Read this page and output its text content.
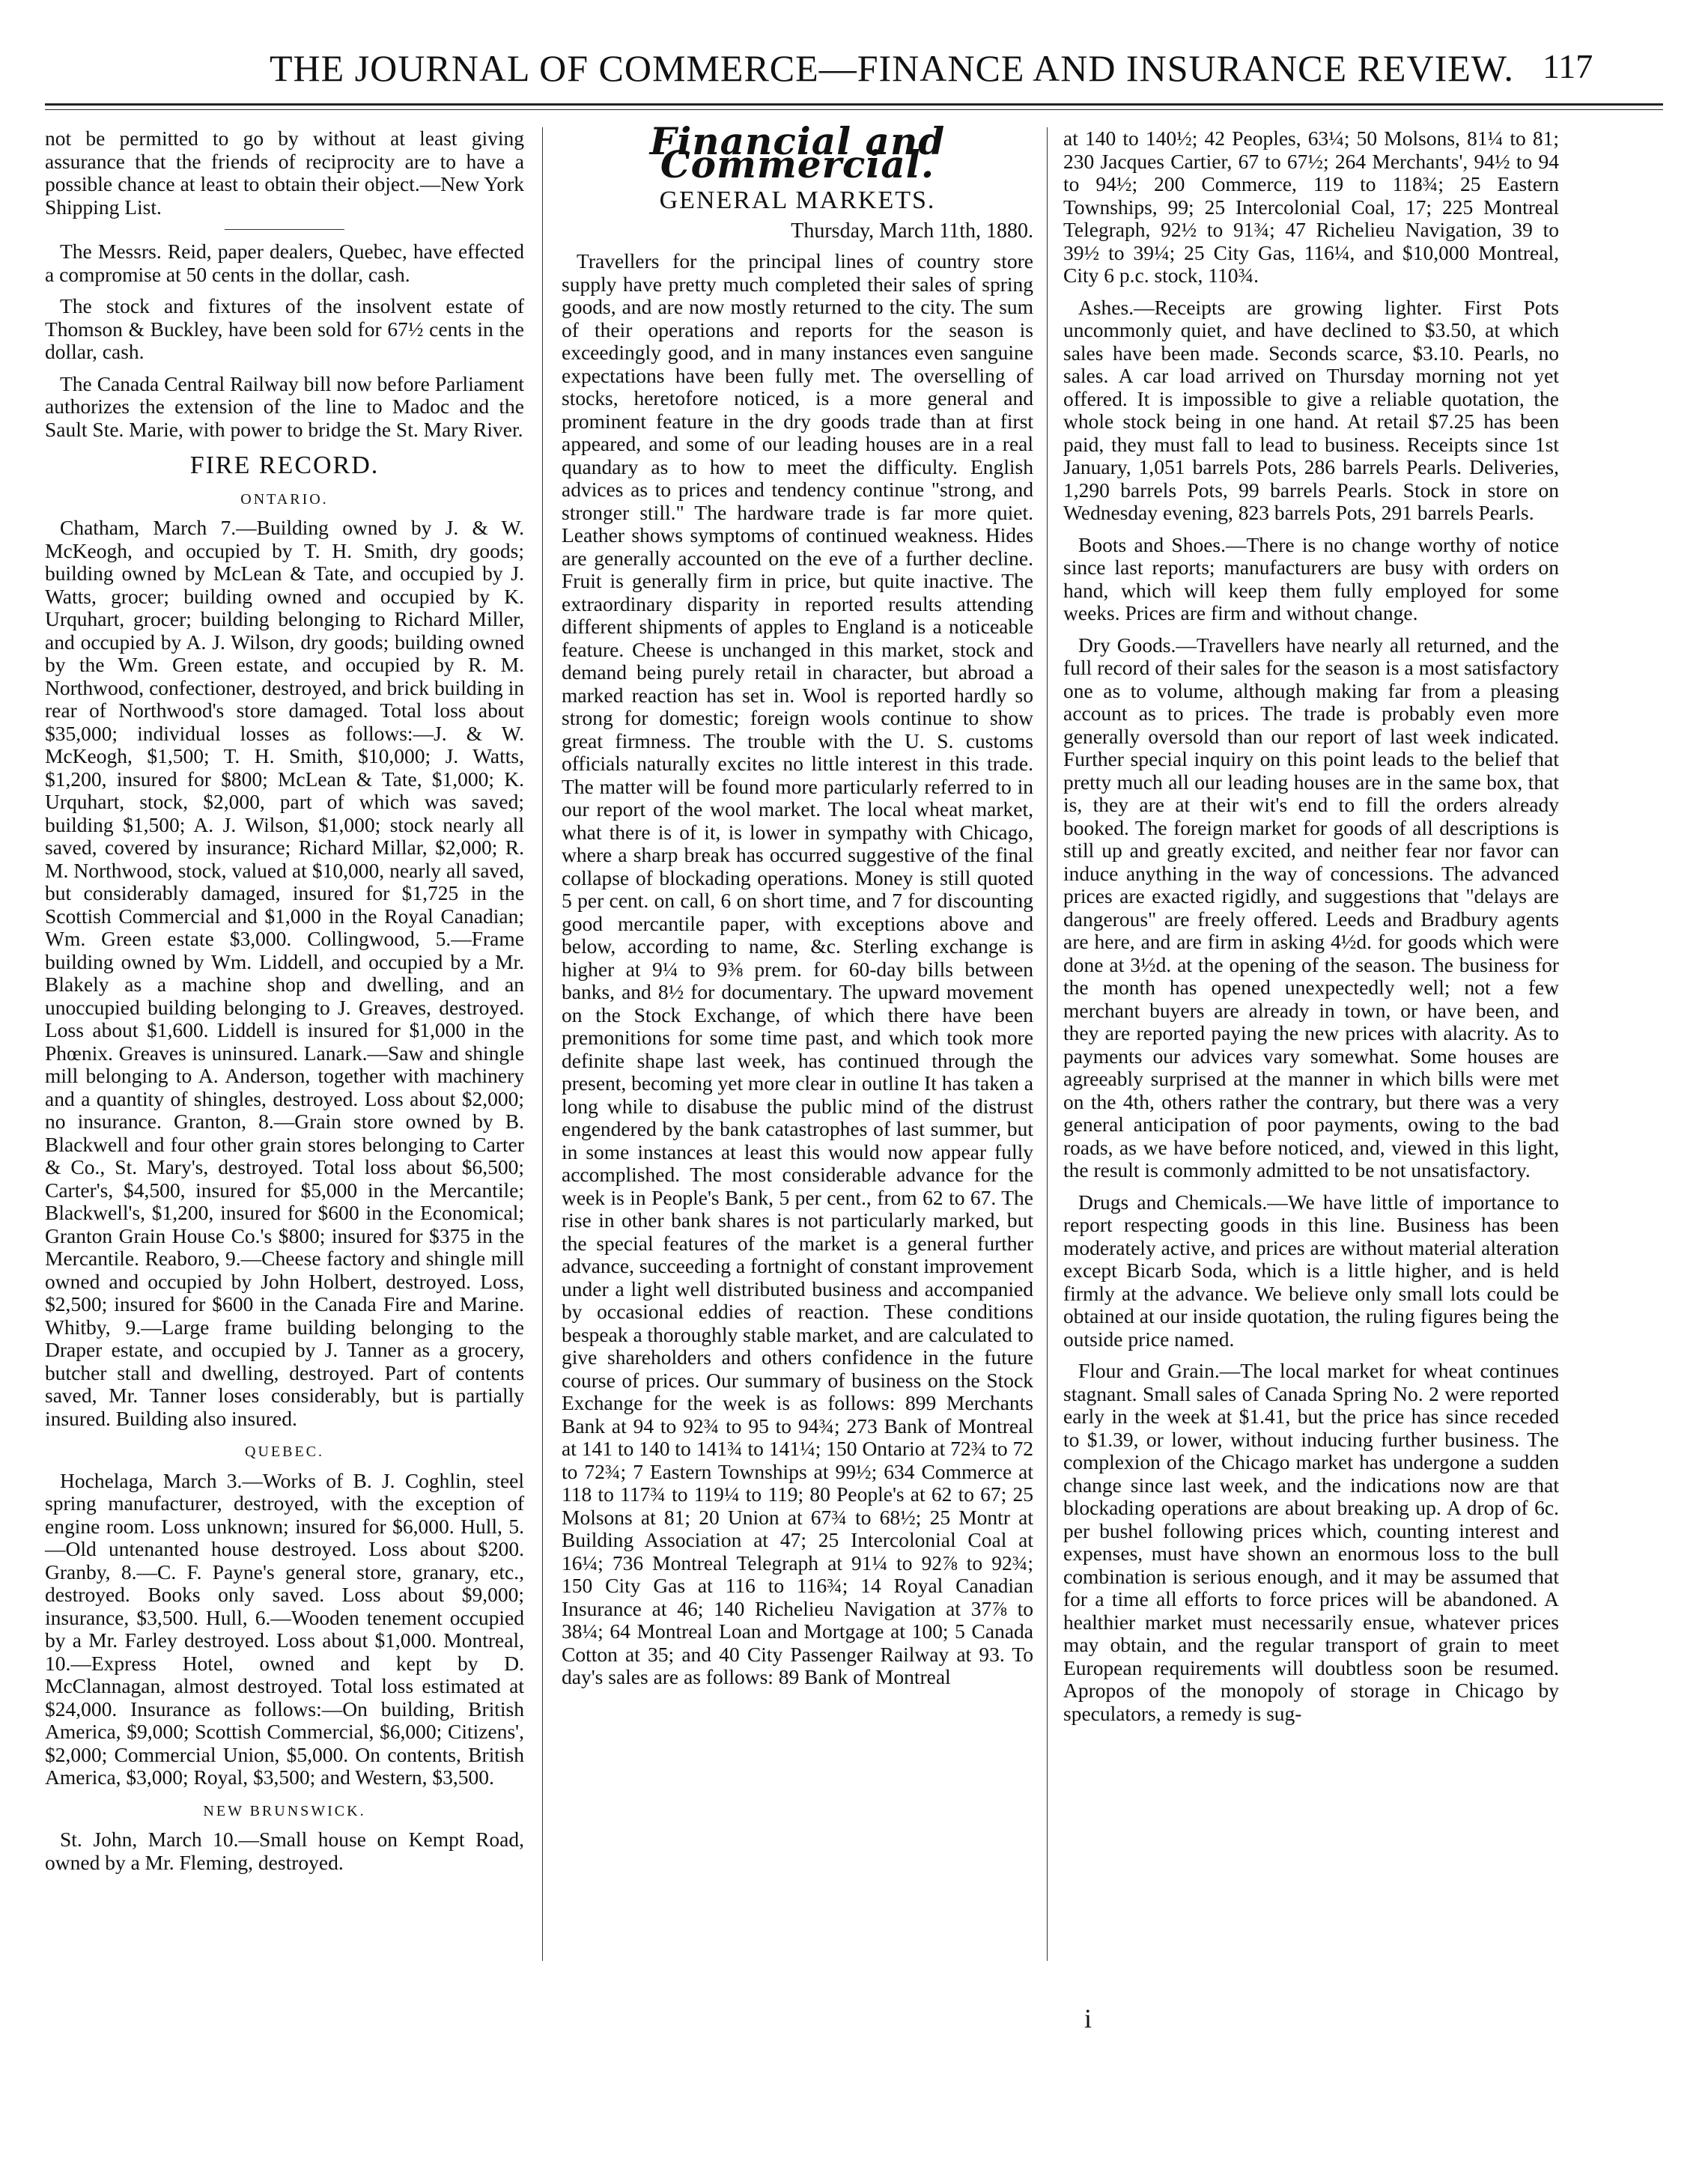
THE JOURNAL OF COMMERCE—FINANCE AND INSURANCE REVIEW. 117

not be permitted to go by without at least giving assurance that the friends of reciprocity are to have a possible chance at least to obtain their object.—New York Shipping List.

The Messrs. Reid, paper dealers, Quebec, have effected a compromise at 50 cents in the dollar, cash.

The stock and fixtures of the insolvent estate of Thomson & Buckley, have been sold for 67½ cents in the dollar, cash.

The Canada Central Railway bill now before Parliament authorizes the extension of the line to Madoc and the Sault Ste. Marie, with power to bridge the St. Mary River.

FIRE RECORD.
ONTARIO.

Chatham, March 7.—Building owned by J. & W. McKeogh, and occupied by T. H. Smith, dry goods; building owned by McLean & Tate, and occupied by J. Watts, grocer; building owned and occupied by K. Urquhart, grocer; building belonging to Richard Miller, and occupied by A. J. Wilson, dry goods; building owned by the Wm. Green estate, and occupied by R. M. Northwood, confectioner, destroyed, and brick building in rear of Northwood's store damaged. Total loss about $35,000; individual losses as follows:—J. & W. McKeogh, $1,500; T. H. Smith, $10,000; J. Watts, $1,200, insured for $800; McLean & Tate, $1,000; K. Urquhart, stock, $2,000, part of which was saved; building $1,500; A. J. Wilson, $1,000; stock nearly all saved, covered by insurance; Richard Millar, $2,000; R. M. Northwood, stock, valued at $10,000, nearly all saved, but considerably damaged, insured for $1,725 in the Scottish Commercial and $1,000 in the Royal Canadian; Wm. Green estate $3,000. Collingwood, 5.—Frame building owned by Wm. Liddell, and occupied by a Mr. Blakely as a machine shop and dwelling, and an unoccupied building belonging to J. Greaves, destroyed. Loss about $1,600. Liddell is insured for $1,000 in the Phœnix. Greaves is uninsured. Lanark.—Saw and shingle mill belonging to A. Anderson, together with machinery and a quantity of shingles, destroyed. Loss about $2,000; no insurance. Granton, 8.—Grain store owned by B. Blackwell and four other grain stores belonging to Carter & Co., St. Mary's, destroyed. Total loss about $6,500; Carter's, $4,500, insured for $5,000 in the Mercantile; Blackwell's, $1,200, insured for $600 in the Economical; Granton Grain House Co.'s $800; insured for $375 in the Mercantile. Reaboro, 9.—Cheese factory and shingle mill owned and occupied by John Holbert, destroyed. Loss, $2,500; insured for $600 in the Canada Fire and Marine. Whitby, 9.—Large frame building belonging to the Draper estate, and occupied by J. Tanner as a grocery, butcher stall and dwelling, destroyed. Part of contents saved, Mr. Tanner loses considerably, but is partially insured. Building also insured.

QUEBEC.

Hochelaga, March 3.—Works of B. J. Coghlin, steel spring manufacturer, destroyed, with the exception of engine room. Loss unknown; insured for $6,000. Hull, 5.—Old untenanted house destroyed. Loss about $200. Granby, 8.—C. F. Payne's general store, granary, etc., destroyed. Books only saved. Loss about $9,000; insurance, $3,500. Hull, 6.—Wooden tenement occupied by a Mr. Farley destroyed. Loss about $1,000. Montreal, 10.—Express Hotel, owned and kept by D. McClannagan, almost destroyed. Total loss estimated at $24,000. Insurance as follows:—On building, British America, $9,000; Scottish Commercial, $6,000; Citizens', $2,000; Commercial Union, $5,000. On contents, British America, $3,000; Royal, $3,500; and Western, $3,500.

NEW BRUNSWICK.

St. John, March 10.—Small house on Kempt Road, owned by a Mr. Fleming, destroyed.

Financial and Commercial.
GENERAL MARKETS.
Thursday, March 11th, 1880.

Travellers for the principal lines of country store supply have pretty much completed their sales of spring goods, and are now mostly returned to the city. The sum of their operations and reports for the season is exceedingly good, and in many instances even sanguine expectations have been fully met. The overselling of stocks, heretofore noticed, is a more general and prominent feature in the dry goods trade than at first appeared, and some of our leading houses are in a real quandary as to how to meet the difficulty. English advices as to prices and tendency continue "strong, and stronger still." The hardware trade is far more quiet. Leather shows symptoms of continued weakness. Hides are generally accounted on the eve of a further decline. Fruit is generally firm in price, but quite inactive. The extraordinary disparity in reported results attending different shipments of apples to England is a noticeable feature. Cheese is unchanged in this market, stock and demand being purely retail in character, but abroad a marked reaction has set in. Wool is reported hardly so strong for domestic; foreign wools continue to show great firmness. The trouble with the U. S. customs officials naturally excites no little interest in this trade. The matter will be found more particularly referred to in our report of the wool market. The local wheat market, what there is of it, is lower in sympathy with Chicago, where a sharp break has occurred suggestive of the final collapse of blockading operations. Money is still quoted 5 per cent. on call, 6 on short time, and 7 for discounting good mercantile paper, with exceptions above and below, according to name, &c. Sterling exchange is higher at 9¼ to 9⅜ prem. for 60-day bills between banks, and 8½ for documentary. The upward movement on the Stock Exchange, of which there have been premonitions for some time past, and which took more definite shape last week, has continued through the present, becoming yet more clear in outline It has taken a long while to disabuse the public mind of the distrust engendered by the bank catastrophes of last summer, but in some instances at least this would now appear fully accomplished. The most considerable advance for the week is in People's Bank, 5 per cent., from 62 to 67. The rise in other bank shares is not particularly marked, but the special features of the market is a general further advance, succeeding a fortnight of constant improvement under a light well distributed business and accompanied by occasional eddies of reaction. These conditions bespeak a thoroughly stable market, and are calculated to give shareholders and others confidence in the future course of prices. Our summary of business on the Stock Exchange for the week is as follows: 899 Merchants Bank at 94 to 92¾ to 95 to 94¾; 273 Bank of Montreal at 141 to 140 to 141¾ to 141¼; 150 Ontario at 72¾ to 72 to 72¾; 7 Eastern Townships at 99½; 634 Commerce at 118 to 117¾ to 119¼ to 119; 80 People's at 62 to 67; 25 Molsons at 81; 20 Union at 67¾ to 68½; 25 Montr at Building Association at 47; 25 Intercolonial Coal at 16¼; 736 Montreal Telegraph at 91¼ to 92⅞ to 92¾; 150 City Gas at 116 to 116¾; 14 Royal Canadian Insurance at 46; 140 Richelieu Navigation at 37⅞ to 38¼; 64 Montreal Loan and Mortgage at 100; 5 Canada Cotton at 35; and 40 City Passenger Railway at 93. To day's sales are as follows: 89 Bank of Montreal

at 140 to 140½; 42 Peoples, 63¼; 50 Molsons, 81¼ to 81; 230 Jacques Cartier, 67 to 67½; 264 Merchants', 94½ to 94 to 94½; 200 Commerce, 119 to 118¾; 25 Eastern Townships, 99; 25 Intercolonial Coal, 17; 225 Montreal Telegraph, 92½ to 91¾; 47 Richelieu Navigation, 39 to 39½ to 39¼; 25 City Gas, 116¼, and $10,000 Montreal, City 6 p.c. stock, 110¾.

Ashes.—Receipts are growing lighter. First Pots uncommonly quiet, and have declined to $3.50, at which sales have been made. Seconds scarce, $3.10. Pearls, no sales. A car load arrived on Thursday morning not yet offered. It is impossible to give a reliable quotation, the whole stock being in one hand. At retail $7.25 has been paid, they must fall to lead to business. Receipts since 1st January, 1,051 barrels Pots, 286 barrels Pearls. Deliveries, 1,290 barrels Pots, 99 barrels Pearls. Stock in store on Wednesday evening, 823 barrels Pots, 291 barrels Pearls.

Boots and Shoes.—There is no change worthy of notice since last reports; manufacturers are busy with orders on hand, which will keep them fully employed for some weeks. Prices are firm and without change.

Dry Goods.—Travellers have nearly all returned, and the full record of their sales for the season is a most satisfactory one as to volume, although making far from a pleasing account as to prices. The trade is probably even more generally oversold than our report of last week indicated. Further special inquiry on this point leads to the belief that pretty much all our leading houses are in the same box, that is, they are at their wit's end to fill the orders already booked. The foreign market for goods of all descriptions is still up and greatly excited, and neither fear nor favor can induce anything in the way of concessions. The advanced prices are exacted rigidly, and suggestions that "delays are dangerous" are freely offered. Leeds and Bradbury agents are here, and are firm in asking 4½d. for goods which were done at 3½d. at the opening of the season. The business for the month has opened unexpectedly well; not a few merchant buyers are already in town, or have been, and they are reported paying the new prices with alacrity. As to payments our advices vary somewhat. Some houses are agreeably surprised at the manner in which bills were met on the 4th, others rather the contrary, but there was a very general anticipation of poor payments, owing to the bad roads, as we have before noticed, and, viewed in this light, the result is commonly admitted to be not unsatisfactory.

Drugs and Chemicals.—We have little of importance to report respecting goods in this line. Business has been moderately active, and prices are without material alteration except Bicarb Soda, which is a little higher, and is held firmly at the advance. We believe only small lots could be obtained at our inside quotation, the ruling figures being the outside price named.

Flour and Grain.—The local market for wheat continues stagnant. Small sales of Canada Spring No. 2 were reported early in the week at $1.41, but the price has since receded to $1.39, or lower, without inducing further business. The complexion of the Chicago market has undergone a sudden change since last week, and the indications now are that blockading operations are about breaking up. A drop of 6c. per bushel following prices which, counting interest and expenses, must have shown an enormous loss to the bull combination is serious enough, and it may be assumed that for a time all efforts to force prices will be abandoned. A healthier market must necessarily ensue, whatever prices may obtain, and the regular transport of grain to meet European requirements will doubtless soon be resumed. Apropos of the monopoly of storage in Chicago by speculators, a remedy is sug-

i
